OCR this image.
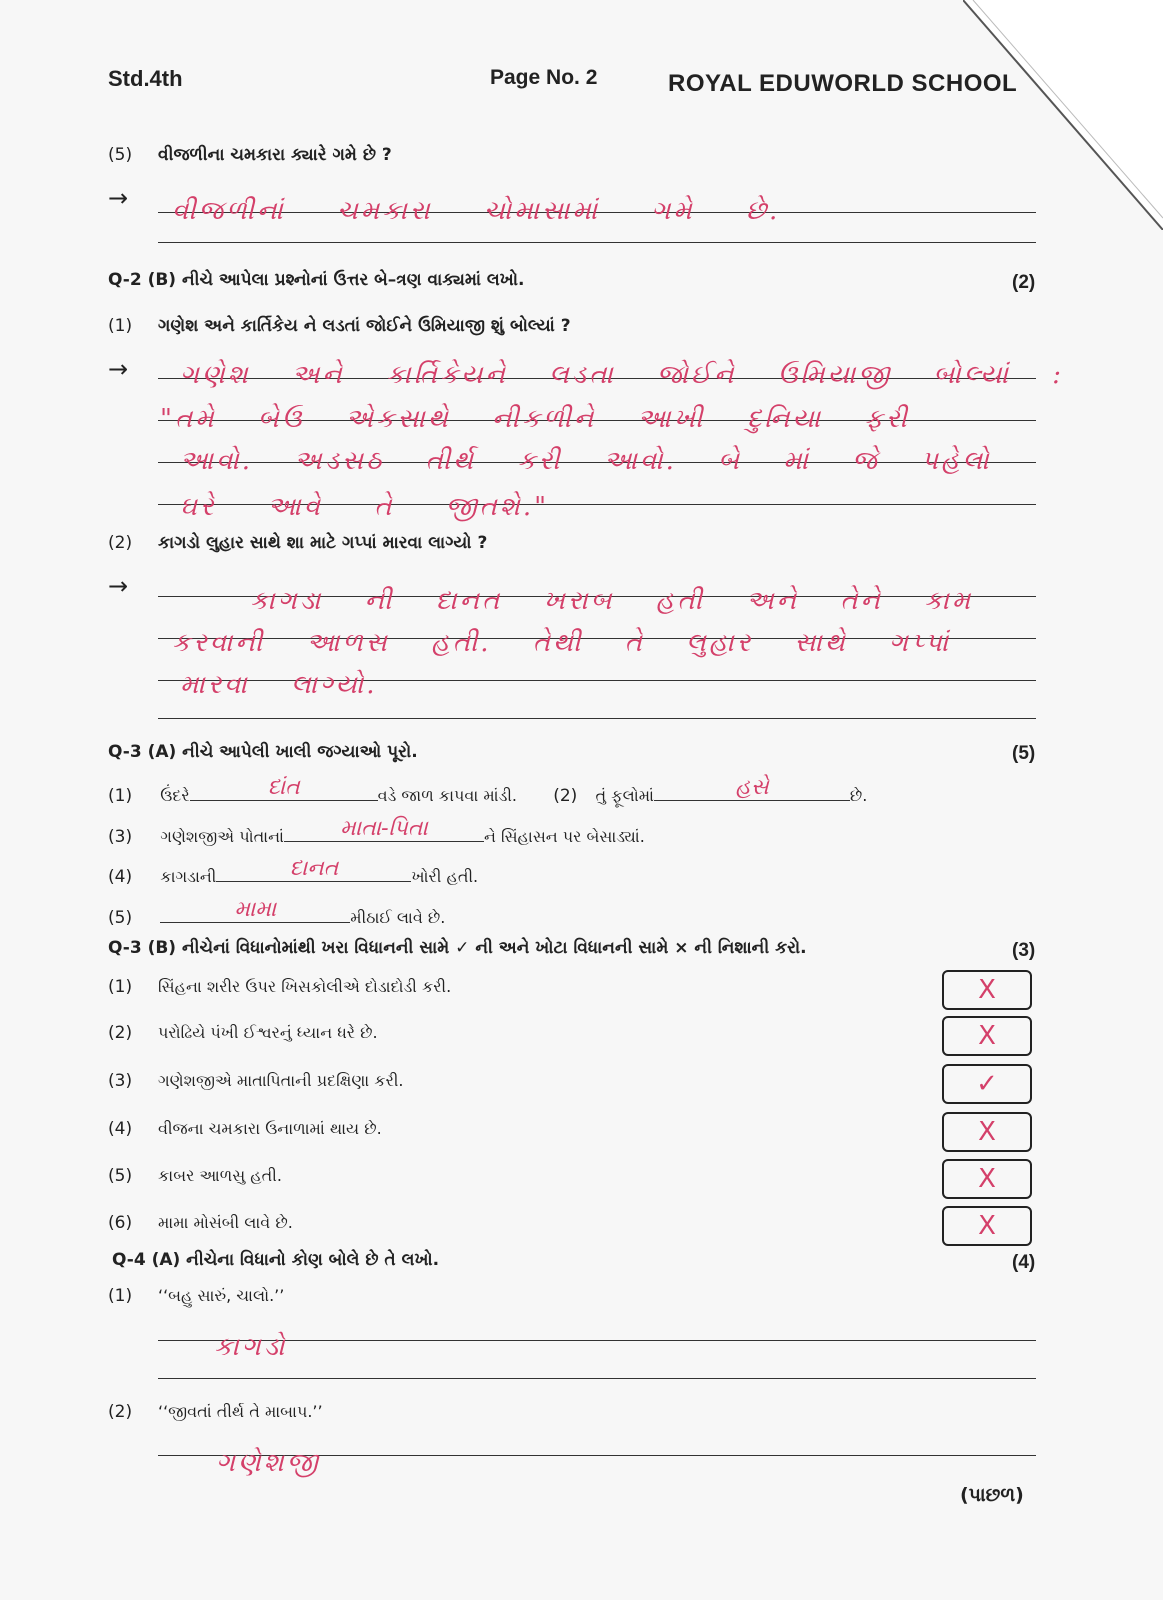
Std.4th	Page No. 2	ROYAL EDUWORLD SCHOOL
(5) વીજળીના ચમકારા ક્યારે ગમે છે ?
→ વીજળીનાં ચમકારા ચોમાસામાં ગમે છે.
Q-2 (B) નીચે આપેલા પ્રશ્નોનાં ઉત્તર બે–ત્રણ વાક્યમાં લખો.	(2)
(1) ગણેશ અને કાર્તિકેય ને લડતાં જોઈને ઉમિયાજી શું બોલ્યાં ?
→ ગણેશ અને કાર્તિકેયને લડતા જોઈને ઉમિયાજી બોલ્યાં :
"તમે બેઉ એકસાથે નીકળીને આખી દુનિયા ફરી
આવો. અડસઠ તીર્થ કરી આવો. બે માં જે પહેલો
ઘરે આવે તે જીતશે."
(2) કાગડો લુહાર સાથે શા માટે ગપ્પાં મારવા લાગ્યો ?
→	કાગડા ની દાનત ખરાબ હતી અને તેને કામ
કરવાની આળસ હતી. તેથી તે લુહાર સાથે ગપ્પાં
મારવા લાગ્યો.
Q-3 (A) નીચે આપેલી ખાલી જગ્યાઓ પૂરો.	(5)
(1) ઉંદરે	દાંત	વડે જાળ કાપવા માંડી. (2) તું ફૂલોમાં	હસે	છે.
(3) ગણેશજીએ પોતાનાં	માતા-પિતા	ને સિંહાસન પર બેસાડ્યાં.
(4) કાગડાની	દાનત	ખોરી હતી.
(5)	મામા	મીઠાઈ લાવે છે.
Q-3 (B) નીચેનાં વિધાનોમાંથી ખરા વિધાનની સામે ✓ ની અને ખોટા વિધાનની સામે × ની નિશાની કરો.	(3)
(1) સિંહના શરીર ઉપર ખિસકોલીએ દોડાદોડી કરી.	X
(2) પરોઢિયે પંખી ઈશ્વરનું ધ્યાન ધરે છે.	X
(3) ગણેશજીએ માતાપિતાની પ્રદક્ષિણા કરી.	✓
(4) વીજના ચમકારા ઉનાળામાં થાય છે.	X
(5) કાબર આળસુ હતી.	X
(6) મામા મોસંબી લાવે છે.	X
Q-4 (A) નીચેના વિધાનો કોણ બોલે છે તે લખો.	(4)
(1) ‘‘બહુ સારું, ચાલો.’’
કાગડો
(2) ‘‘જીવતાં તીર્થ તે માબાપ.’’
ગણેશજી
(પાછળ)
